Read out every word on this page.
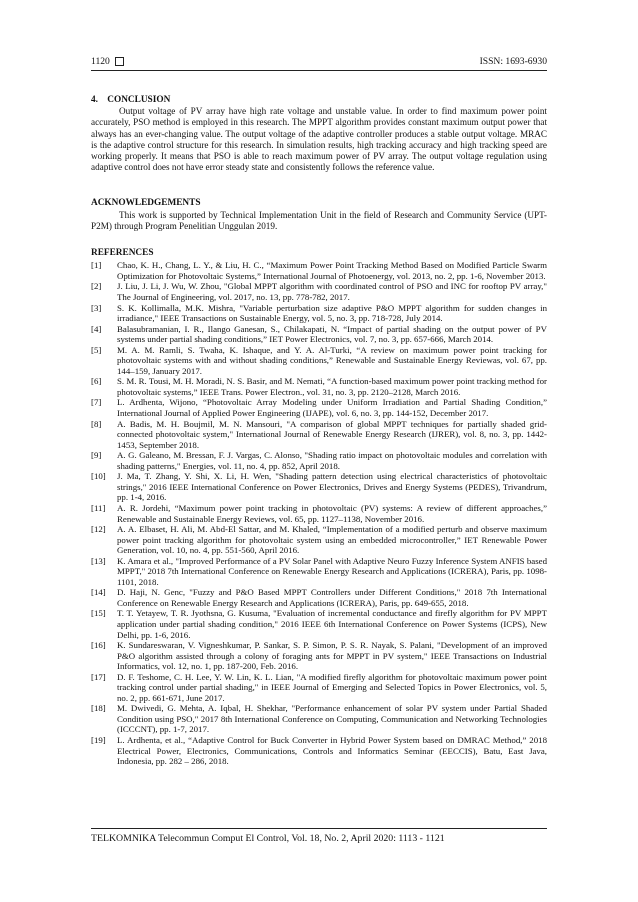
1120	ISSN: 1693-6930
4.    CONCLUSION

Output voltage of PV array have high rate voltage and unstable value. In order to find maximum power point accurately, PSO method is employed in this research. The MPPT algorithm provides constant maximum output power that always has an ever-changing value. The output voltage of the adaptive controller produces a stable output voltage. MRAC is the adaptive control structure for this research. In simulation results, high tracking accuracy and high tracking speed are working properly. It means that PSO is able to reach maximum power of PV array. The output voltage regulation using adaptive control does not have error steady state and consistently follows the reference value.

ACKNOWLEDGEMENTS

This work is supported by Technical Implementation Unit in the field of Research and Community Service (UPT-P2M) through Program Penelitian Unggulan 2019.

REFERENCES
[1]	Chao, K. H., Chang, L. Y., & Liu, H. C., “Maximum Power Point Tracking Method Based on Modified Particle Swarm Optimization for Photovoltaic Systems,” International Journal of Photoenergy, vol. 2013, no. 2, pp. 1-6, November 2013.
[2]	J. Liu, J. Li, J. Wu, W. Zhou, "Global MPPT algorithm with coordinated control of PSO and INC for rooftop PV array," The Journal of Engineering, vol. 2017, no. 13, pp. 778-782, 2017.
[3]	S. K. Kollimalla, M.K. Mishra, "Variable perturbation size adaptive P&O MPPT algorithm for sudden changes in irradiance," IEEE Transactions on Sustainable Energy, vol. 5, no. 3, pp. 718-728, July 2014.
[4]	Balasubramanian, I. R., Ilango Ganesan, S., Chilakapati, N. “Impact of partial shading on the output power of PV systems under partial shading conditions,” IET Power Electronics, vol. 7, no. 3, pp. 657-666, March 2014.
[5]	M. A. M. Ramli, S. Twaha, K. Ishaque, and Y. A. Al-Turki, “A review on maximum power point tracking for photovoltaic systems with and without shading conditions,” Renewable and Sustainable Energy Reviewas, vol. 67, pp. 144–159, January 2017.
[6]	S. M. R. Tousi, M. H. Moradi, N. S. Basir, and M. Nemati, “A function-based maximum power point tracking method for photovoltaic systems,” IEEE Trans. Power Electron., vol. 31, no. 3, pp. 2120–2128, March 2016.
[7]	L. Ardhenta, Wijono, “Photovoltaic Array Modeling under Uniform Irradiation and Partial Shading Condition,” International Journal of Applied Power Engineering (IJAPE), vol. 6, no. 3, pp. 144-152, December 2017.
[8]	A. Badis, M. H. Boujmil, M. N. Mansouri, "A comparison of global MPPT techniques for partially shaded grid-connected photovoltaic system," International Journal of Renewable Energy Research (IJRER), vol. 8, no. 3, pp. 1442-1453, September 2018.
[9]	A. G. Galeano, M. Bressan, F. J. Vargas, C. Alonso, "Shading ratio impact on photovoltaic modules and correlation with shading patterns," Energies, vol. 11, no. 4, pp. 852, April 2018.
[10]	J. Ma, T. Zhang, Y. Shi, X. Li, H. Wen, "Shading pattern detection using electrical characteristics of photovoltaic strings," 2016 IEEE International Conference on Power Electronics, Drives and Energy Systems (PEDES), Trivandrum, pp. 1-4, 2016.
[11]	A. R. Jordehi, “Maximum power point tracking in photovoltaic (PV) systems: A review of different approaches,” Renewable and Sustainable Energy Reviews, vol. 65, pp. 1127–1138, November 2016.
[12]	A. A. Elbaset, H. Ali, M. Abd-El Sattar, and M. Khaled, “Implementation of a modified perturb and observe maximum power point tracking algorithm for photovoltaic system using an embedded microcontroller,” IET Renewable Power Generation, vol. 10, no. 4, pp. 551-560, April 2016.
[13]	K. Amara et al., "Improved Performance of a PV Solar Panel with Adaptive Neuro Fuzzy Inference System ANFIS based MPPT," 2018 7th International Conference on Renewable Energy Research and Applications (ICRERA), Paris, pp. 1098-1101, 2018.
[14]	D. Haji, N. Genc, "Fuzzy and P&O Based MPPT Controllers under Different Conditions," 2018 7th International Conference on Renewable Energy Research and Applications (ICRERA), Paris, pp. 649-655, 2018.
[15]	T. T. Yetayew, T. R. Jyothsna, G. Kusuma, "Evaluation of incremental conductance and firefly algorithm for PV MPPT application under partial shading condition," 2016 IEEE 6th International Conference on Power Systems (ICPS), New Delhi, pp. 1-6, 2016.
[16]	K. Sundareswaran, V. Vigneshkumar, P. Sankar, S. P. Simon, P. S. R. Nayak, S. Palani, "Development of an improved P&O algorithm assisted through a colony of foraging ants for MPPT in PV system," IEEE Transactions on Industrial Informatics, vol. 12, no. 1, pp. 187-200, Feb. 2016.
[17]	D. F. Teshome, C. H. Lee, Y. W. Lin, K. L. Lian, "A modified firefly algorithm for photovoltaic maximum power point tracking control under partial shading," in IEEE Journal of Emerging and Selected Topics in Power Electronics, vol. 5, no. 2, pp. 661-671, June 2017.
[18]	M. Dwivedi, G. Mehta, A. Iqbal, H. Shekhar, "Performance enhancement of solar PV system under Partial Shaded Condition using PSO," 2017 8th International Conference on Computing, Communication and Networking Technologies (ICCCNT), pp. 1-7, 2017.
[19]	L. Ardhenta, et al., “Adaptive Control for Buck Converter in Hybrid Power System based on DMRAC Method,” 2018 Electrical Power, Electronics, Communications, Controls and Informatics Seminar (EECCIS), Batu, East Java, Indonesia, pp. 282 – 286, 2018.
TELKOMNIKA Telecommun Comput El Control, Vol. 18, No. 2, April 2020: 1113 - 1121
